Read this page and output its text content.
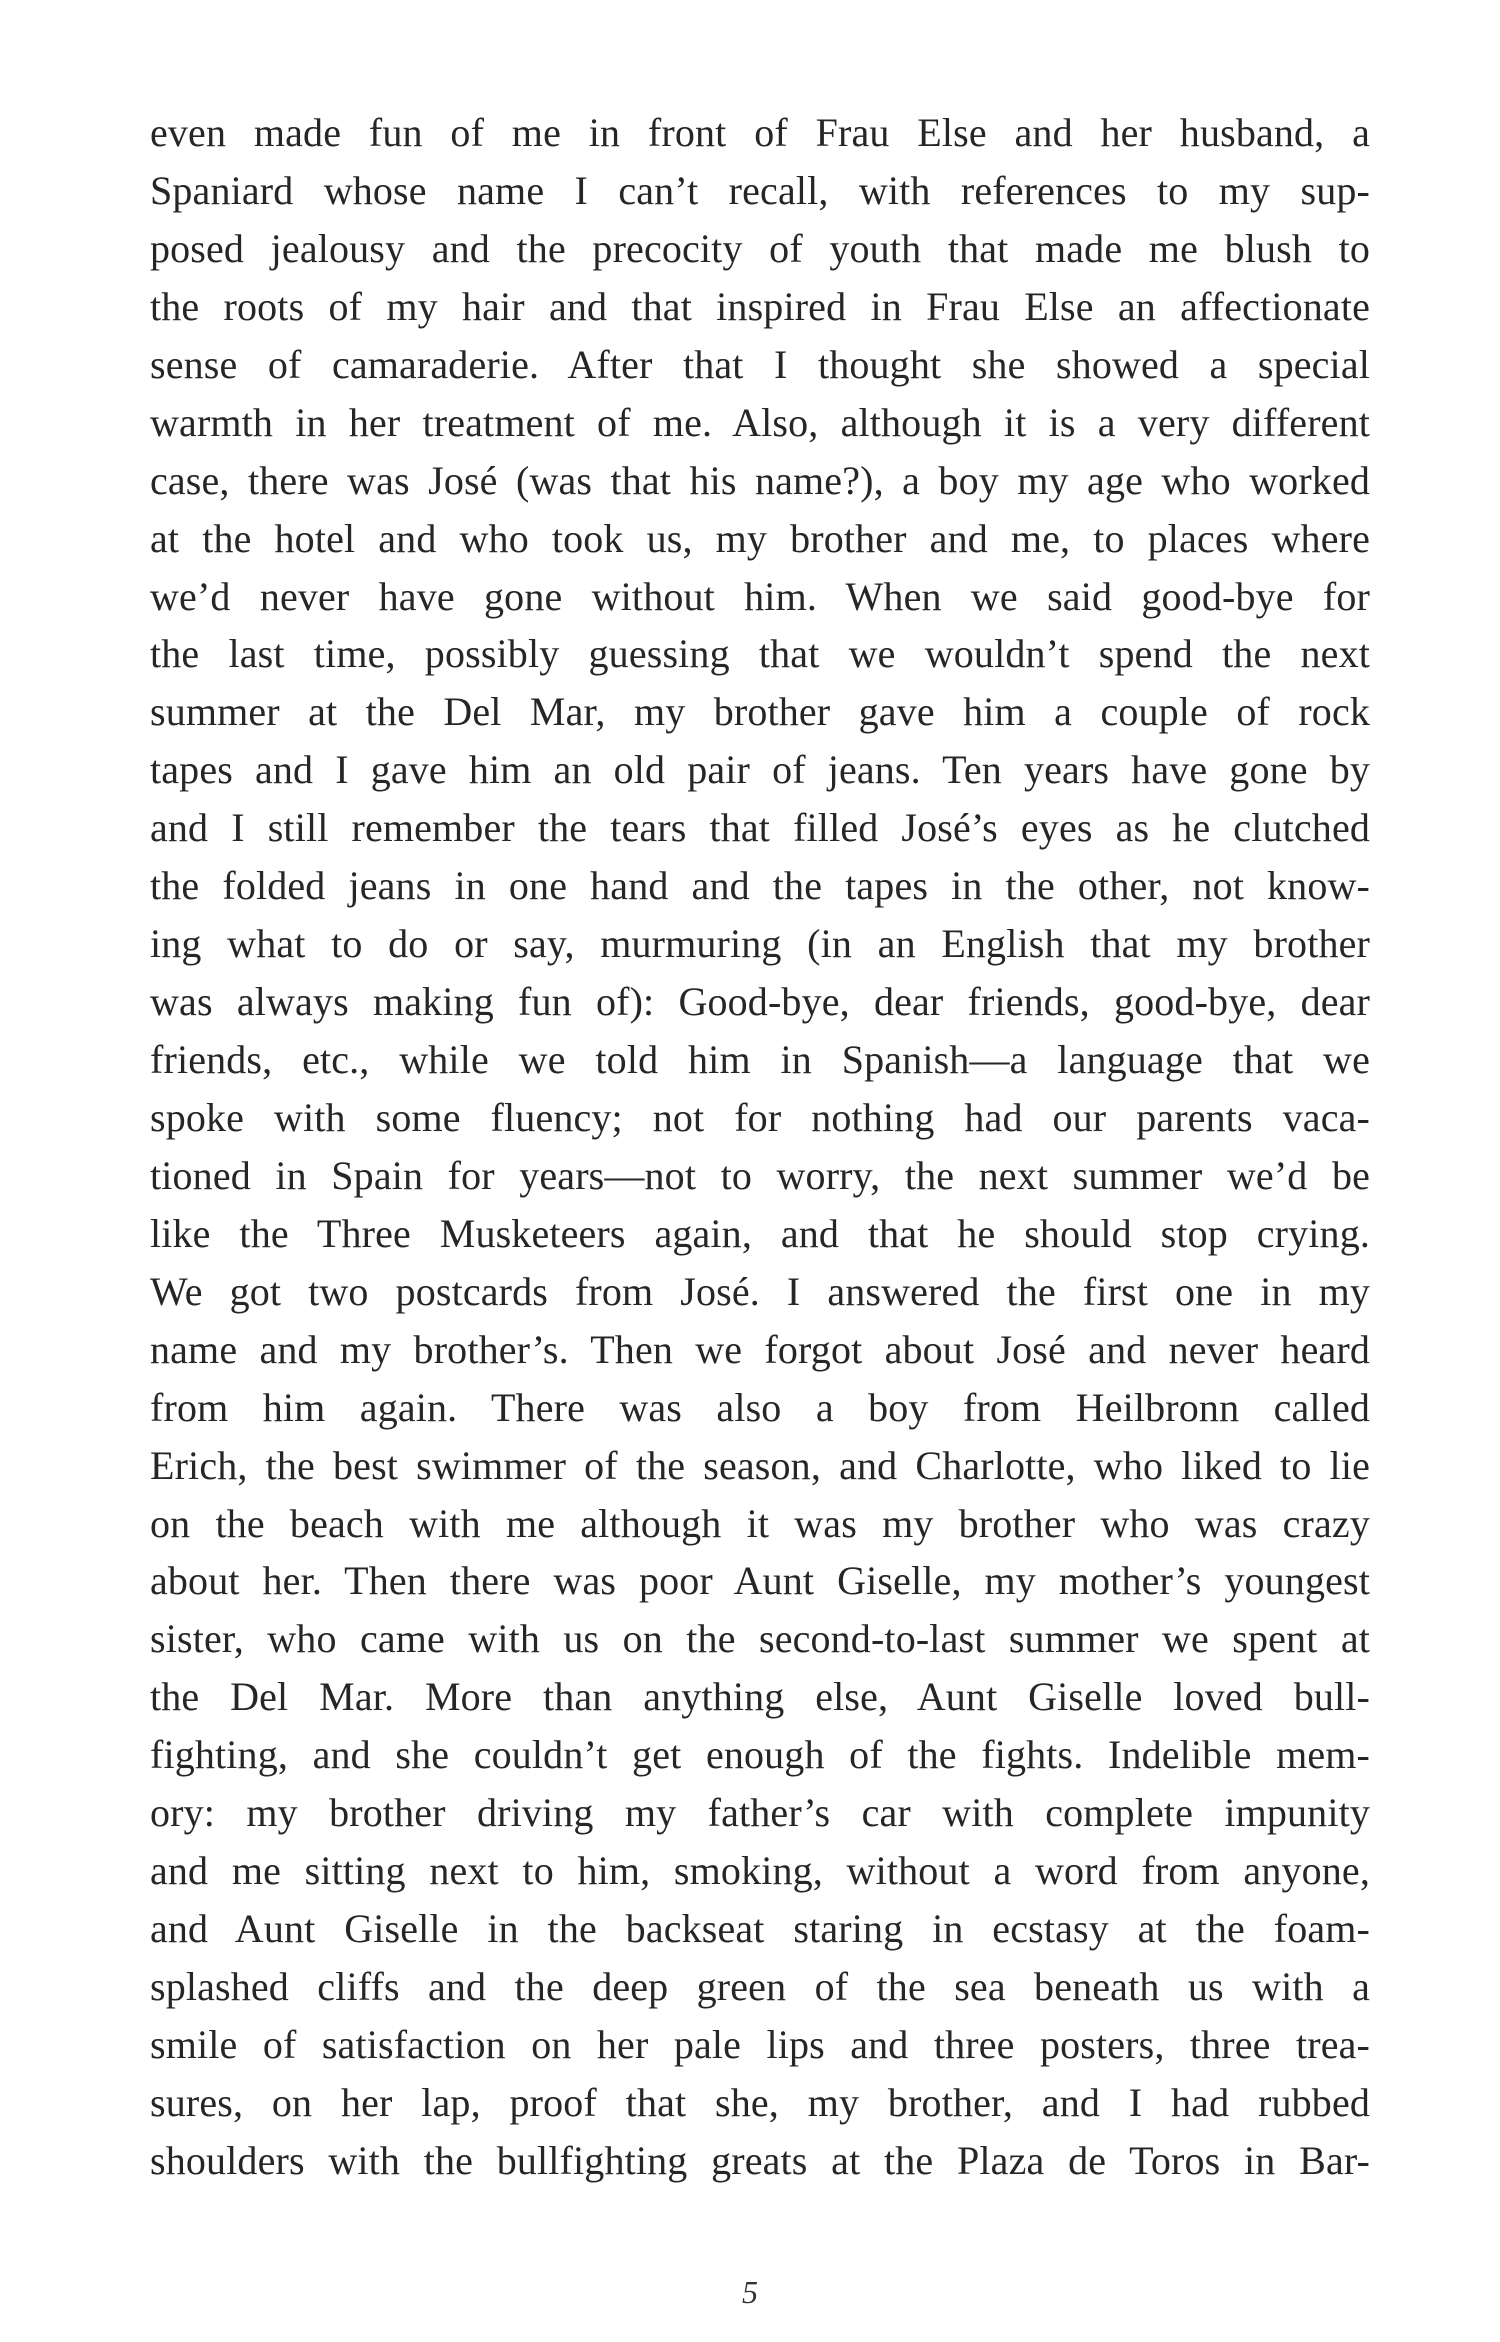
even made fun of me in front of Frau Else and her husband, a
Spaniard whose name I can’t recall, with references to my sup-
posed jealousy and the precocity of youth that made me blush to
the roots of my hair and that inspired in Frau Else an affectionate
sense of camaraderie. After that I thought she showed a special
warmth in her treatment of me. Also, although it is a very different
case, there was José (was that his name?), a boy my age who worked
at the hotel and who took us, my brother and me, to places where
we’d never have gone without him. When we said good-bye for
the last time, possibly guessing that we wouldn’t spend the next
summer at the Del Mar, my brother gave him a couple of rock
tapes and I gave him an old pair of jeans. Ten years have gone by
and I still remember the tears that filled José’s eyes as he clutched
the folded jeans in one hand and the tapes in the other, not know-
ing what to do or say, murmuring (in an English that my brother
was always making fun of): Good-bye, dear friends, good-bye, dear
friends, etc., while we told him in Spanish—a language that we
spoke with some fluency; not for nothing had our parents vaca-
tioned in Spain for years—not to worry, the next summer we’d be
like the Three Musketeers again, and that he should stop crying.
We got two postcards from José. I answered the first one in my
name and my brother’s. Then we forgot about José and never heard
from him again. There was also a boy from Heilbronn called
Erich, the best swimmer of the season, and Charlotte, who liked to lie
on the beach with me although it was my brother who was crazy
about her. Then there was poor Aunt Giselle, my mother’s youngest
sister, who came with us on the second-to-last summer we spent at
the Del Mar. More than anything else, Aunt Giselle loved bull-
fighting, and she couldn’t get enough of the fights. Indelible mem-
ory: my brother driving my father’s car with complete impunity
and me sitting next to him, smoking, without a word from anyone,
and Aunt Giselle in the backseat staring in ecstasy at the foam-
splashed cliffs and the deep green of the sea beneath us with a
smile of satisfaction on her pale lips and three posters, three trea-
sures, on her lap, proof that she, my brother, and I had rubbed
shoulders with the bullfighting greats at the Plaza de Toros in Bar-
5
